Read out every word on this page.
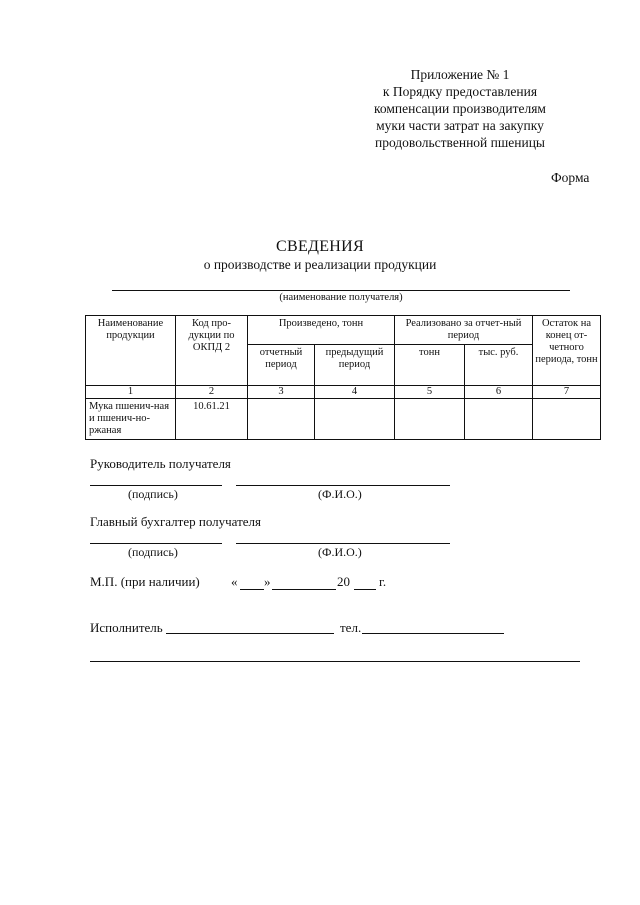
Приложение № 1
к Порядку предоставления
компенсации производителям
муки части затрат на закупку
продовольственной пшеницы
Форма
СВЕДЕНИЯ
о производстве и реализации продукции
(наименование получателя)
Наименование продукции	Код про-дукции по ОКПД 2	Произведено, тонн		Реализовано за отчет-ный период		Остаток на конец от-четного периода, тонн
		отчетный период	предыдущий период	тонн	тыс. руб.	
1	2	3	4	5	6	7
Мука пшенич-ная и пшенич-но-ржаная	10.61.21					
Руководитель получателя
(подпись)	(Ф.И.О.)
Главный бухгалтер получателя
(подпись)	(Ф.И.О.)
М.П. (при наличии) « »	20 г.
Исполнитель	тел.
